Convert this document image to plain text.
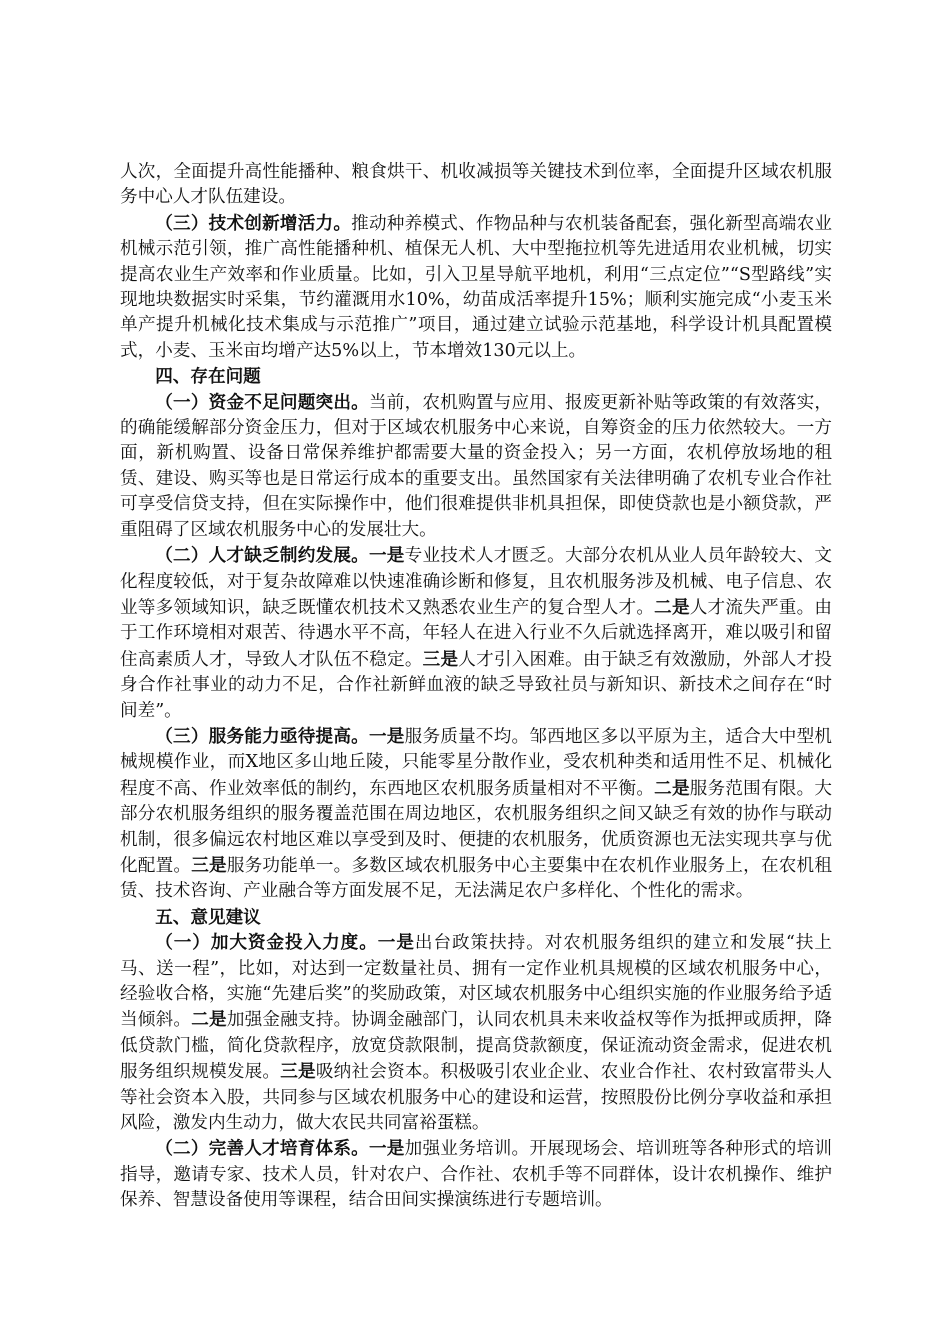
人次，全面提升高性能播种、粮食烘干、机收减损等关键技术到位率，全面提升区域农机服务中心人才队伍建设。

（三）技术创新增活力。推动种养模式、作物品种与农机装备配套，强化新型高端农业机械示范引领，推广高性能播种机、植保无人机、大中型拖拉机等先进适用农业机械，切实提高农业生产效率和作业质量。比如，引入卫星导航平地机，利用“三点定位”“S型路线”实现地块数据实时采集，节约灌溉用水10%，幼苗成活率提升15%；顺利实施完成“小麦玉米单产提升机械化技术集成与示范推广”项目，通过建立试验示范基地，科学设计机具配置模式，小麦、玉米亩均增产达5%以上，节本增效130元以上。

四、存在问题

（一）资金不足问题突出。当前，农机购置与应用、报废更新补贴等政策的有效落实，的确能缓解部分资金压力，但对于区域农机服务中心来说，自筹资金的压力依然较大。一方面，新机购置、设备日常保养维护都需要大量的资金投入；另一方面，农机停放场地的租赁、建设、购买等也是日常运行成本的重要支出。虽然国家有关法律明确了农机专业合作社可享受信贷支持，但在实际操作中，他们很难提供非机具担保，即使贷款也是小额贷款，严重阻碍了区域农机服务中心的发展壮大。

（二）人才缺乏制约发展。一是专业技术人才匮乏。大部分农机从业人员年龄较大、文化程度较低，对于复杂故障难以快速准确诊断和修复，且农机服务涉及机械、电子信息、农业等多领域知识，缺乏既懂农机技术又熟悉农业生产的复合型人才。二是人才流失严重。由于工作环境相对艰苦、待遇水平不高，年轻人在进入行业不久后就选择离开，难以吸引和留住高素质人才，导致人才队伍不稳定。三是人才引入困难。由于缺乏有效激励，外部人才投身合作社事业的动力不足，合作社新鲜血液的缺乏导致社员与新知识、新技术之间存在“时间差”。

（三）服务能力亟待提高。一是服务质量不均。邹西地区多以平原为主，适合大中型机械规模作业，而X地区多山地丘陵，只能零星分散作业，受农机种类和适用性不足、机械化程度不高、作业效率低的制约，东西地区农机服务质量相对不平衡。二是服务范围有限。大部分农机服务组织的服务覆盖范围在周边地区，农机服务组织之间又缺乏有效的协作与联动机制，很多偏远农村地区难以享受到及时、便捷的农机服务，优质资源也无法实现共享与优化配置。三是服务功能单一。多数区域农机服务中心主要集中在农机作业服务上，在农机租赁、技术咨询、产业融合等方面发展不足，无法满足农户多样化、个性化的需求。

五、意见建议

（一）加大资金投入力度。一是出台政策扶持。对农机服务组织的建立和发展“扶上马、送一程”，比如，对达到一定数量社员、拥有一定作业机具规模的区域农机服务中心，经验收合格，实施“先建后奖”的奖励政策，对区域农机服务中心组织实施的作业服务给予适当倾斜。二是加强金融支持。协调金融部门，认同农机具未来收益权等作为抵押或质押，降低贷款门槛，简化贷款程序，放宽贷款限制，提高贷款额度，保证流动资金需求，促进农机服务组织规模发展。三是吸纳社会资本。积极吸引农业企业、农业合作社、农村致富带头人等社会资本入股，共同参与区域农机服务中心的建设和运营，按照股份比例分享收益和承担风险，激发内生动力，做大农民共同富裕蛋糕。

（二）完善人才培育体系。一是加强业务培训。开展现场会、培训班等各种形式的培训指导，邀请专家、技术人员，针对农户、合作社、农机手等不同群体，设计农机操作、维护保养、智慧设备使用等课程，结合田间实操演练进行专题培训。
